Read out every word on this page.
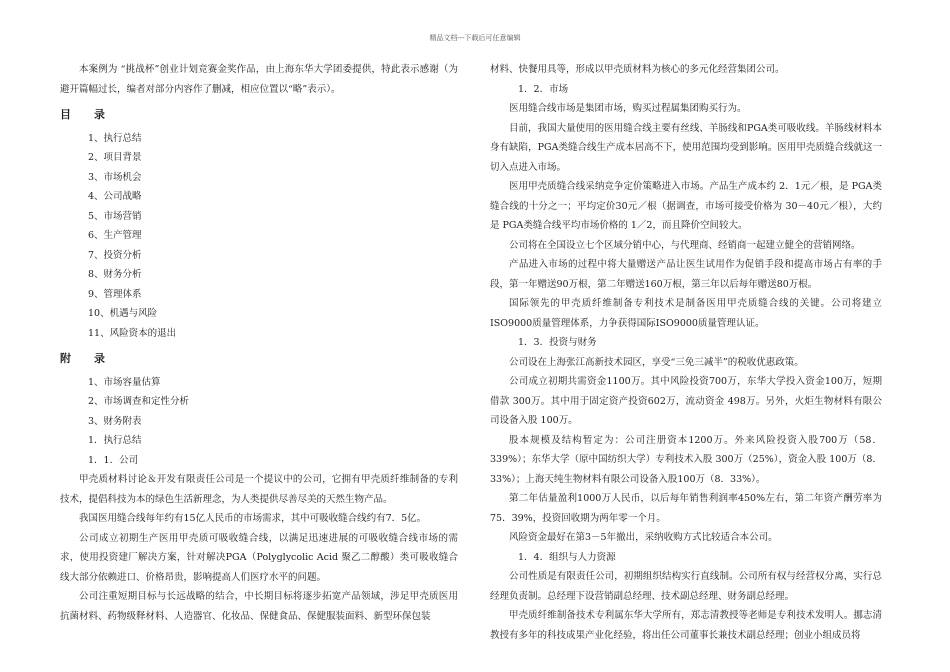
精品文档---下载后可任意编辑

本案例为 “挑战杯”创业计划竞赛金奖作品，由上海东华大学团委提供，特此表示感谢（为避开篇幅过长，编者对部分内容作了删减，相应位置以“略”表示）。

目　录
1、执行总结
2、项目背景
3、市场机会
4、公司战略
5、市场营销
6、生产管理
7、投资分析
8、财务分析
9、管理体系
10、机遇与风险
11、风险资本的退出
附　录
1、市场容量估算
2、市场调查和定性分析
3、财务附表
1．执行总结
1．1．公司

甲壳质材料讨论＆开发有限责任公司是一个提议中的公司，它拥有甲壳质纤维制备的专利技术，提倡科技为本的绿色生活新理念，为人类提供尽善尽美的天然生物产品。

我国医用缝合线每年约有15亿人民币的市场需求，其中可吸收缝合线约有7．5亿。

公司成立初期生产医用甲壳质可吸收缝合线，以满足迅速进展的可吸收缝合线市场的需求，使用投资建厂解决方案，针对解决PGA（Polyglycolic Acid 聚乙二醇酸）类可吸收缝合线大部分依赖进口、价格昂贵，影响提高人们医疗水平的问题。

公司注重短期目标与长远战略的结合，中长期目标将逐步拓宽产品领域，涉足甲壳质医用抗菌材料、药物级释材料、人造器官、化妆品、保健食品、保健服装面料、新型环保包装

材料、快餐用具等，形成以甲壳质材料为核心的多元化经营集团公司。

1．2．市场

医用缝合线市场是集团市场，购买过程属集团购买行为。

目前，我国大量使用的医用缝合线主要有丝线、羊肠线和PGA类可吸收线。羊肠线材料本身有缺陷，PGA类缝合线生产成本居高不下，使用范围均受到影响。医用甲壳质缝合线就这一切入点进入市场。

医用甲壳质缝合线采纳竞争定价策略进入市场。产品生产成本约 2．1元／根，是 PGA类缝合线的十分之一；平均定价30元／根（据调查，市场可接受价格为 30－40元／根），大约是 PGA类缝合线平均市场价格的 1／2，而且降价空间较大。

公司将在全国设立七个区域分销中心，与代理商、经销商一起建立健全的营销网络。

产品进入市场的过程中将大量赠送产品让医生试用作为促销手段和提高市场占有率的手段，第一年赠送90万根，第二年赠送160万根，第三年以后每年赠送80万根。

国际领先的甲壳质纤维制备专利技术是制备医用甲壳质缝合线的关键。公司将建立ISO9000质量管理体系，力争获得国际ISO9000质量管理认证。

1．3．投资与财务

公司设在上海张江高新技术园区，享受“三免三减半”的税收优惠政策。

公司成立初期共需资金1100万。其中风险投资700万，东华大学投入资金100万，短期借款 300万。其中用于固定资产投资602万，流动资金 498万。另外，火炬生物材料有限公司设备入股 100万。

股本规模及结构暂定为：公司注册资本1200万。外来风险投资入股700万（58．339%）；东华大学（原中国纺织大学）专利技术入股 300万（25%），资金入股 100万（8．33%）；上海天纯生物材料有限公司设备入股100万（8．33%）。

第二年估量盈利1000万人民币，以后每年销售利润率450%左右，第二年资产酬劳率为75．39%，投资回收期为两年零一个月。

风险资金最好在第3－5年撤出，采纳收购方式比较适合本公司。

1．4．组织与人力资源

公司性质是有限责任公司，初期组织结构实行直线制。公司所有权与经营权分离，实行总经理负责制。总经理下设营销副总经理、技术副总经理、财务副总经理。

甲壳质纤维制备技术专利属东华大学所有，郑志清教授等老师是专利技术发明人。挪志清教授有多年的科技成果产业化经验，将出任公司董事长兼技术副总经理；创业小组成员将
